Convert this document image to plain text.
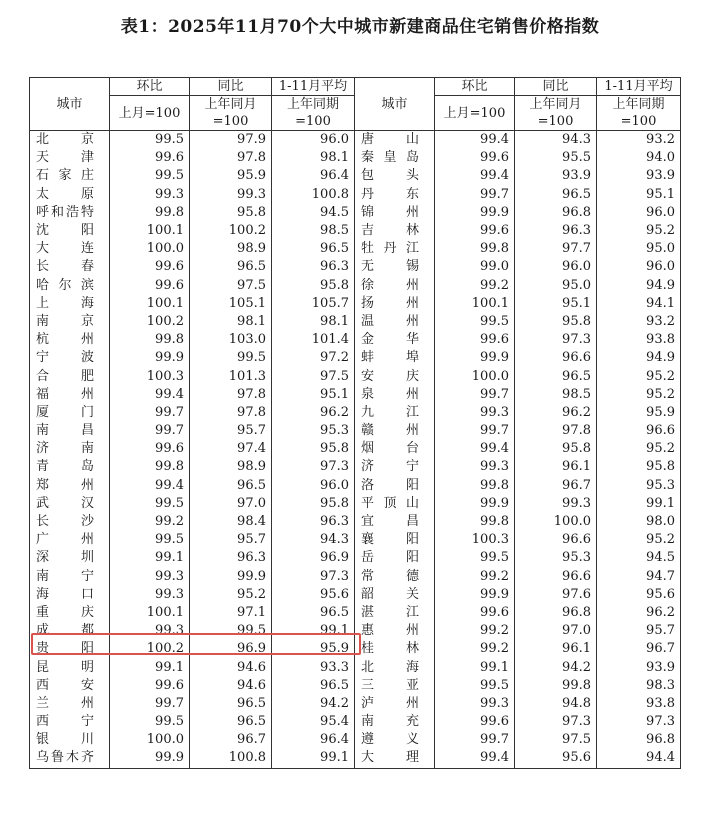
表1：2025年11月70个大中城市新建商品住宅销售价格指数
城市	环比	同比	1-11月平均	城市	环比	同比	1-11月平均
	上月=100	上年同月	上年同期		上月=100	上年同月	上年同期
		=100	=100			=100	=100
北京	99.5	97.9	96.0	唐山	99.4	94.3	93.2
天津	99.6	97.8	98.1	秦皇岛	99.6	95.5	94.0
石家庄	99.5	95.9	96.4	包头	99.4	93.9	93.9
太原	99.3	99.3	100.8	丹东	99.7	96.5	95.1
呼和浩特	99.8	95.8	94.5	锦州	99.9	96.8	96.0
沈阳	100.1	100.2	98.5	吉林	99.6	96.3	95.2
大连	100.0	98.9	96.5	牡丹江	99.8	97.7	95.0
长春	99.6	96.5	96.3	无锡	99.0	96.0	96.0
哈尔滨	99.6	97.5	95.8	徐州	99.2	95.0	94.9
上海	100.1	105.1	105.7	扬州	100.1	95.1	94.1
南京	100.2	98.1	98.1	温州	99.5	95.8	93.2
杭州	99.8	103.0	101.4	金华	99.6	97.3	93.8
宁波	99.9	99.5	97.2	蚌埠	99.9	96.6	94.9
合肥	100.3	101.3	97.5	安庆	100.0	96.5	95.2
福州	99.4	97.8	95.1	泉州	99.7	98.5	95.2
厦门	99.7	97.8	96.2	九江	99.3	96.2	95.9
南昌	99.7	95.7	95.3	赣州	99.7	97.8	96.6
济南	99.6	97.4	95.8	烟台	99.4	95.8	95.2
青岛	99.8	98.9	97.3	济宁	99.3	96.1	95.8
郑州	99.4	96.5	96.0	洛阳	99.8	96.7	95.3
武汉	99.5	97.0	95.8	平顶山	99.9	99.3	99.1
长沙	99.2	98.4	96.3	宜昌	99.8	100.0	98.0
广州	99.5	95.7	94.3	襄阳	100.3	96.6	95.2
深圳	99.1	96.3	96.9	岳阳	99.5	95.3	94.5
南宁	99.3	99.9	97.3	常德	99.2	96.6	94.7
海口	99.3	95.2	95.6	韶关	99.9	97.6	95.6
重庆	100.1	97.1	96.5	湛江	99.6	96.8	96.2
成都	99.3	99.5	99.1	惠州	99.2	97.0	95.7
贵阳	100.2	96.9	95.9	桂林	99.2	96.1	96.7
昆明	99.1	94.6	93.3	北海	99.1	94.2	93.9
西安	99.6	94.6	96.5	三亚	99.5	99.8	98.3
兰州	99.7	96.5	94.2	泸州	99.3	94.8	93.8
西宁	99.5	96.5	95.4	南充	99.6	97.3	97.3
银川	100.0	96.7	96.4	遵义	99.7	97.5	96.8
乌鲁木齐	99.9	100.8	99.1	大理	99.4	95.6	94.4
